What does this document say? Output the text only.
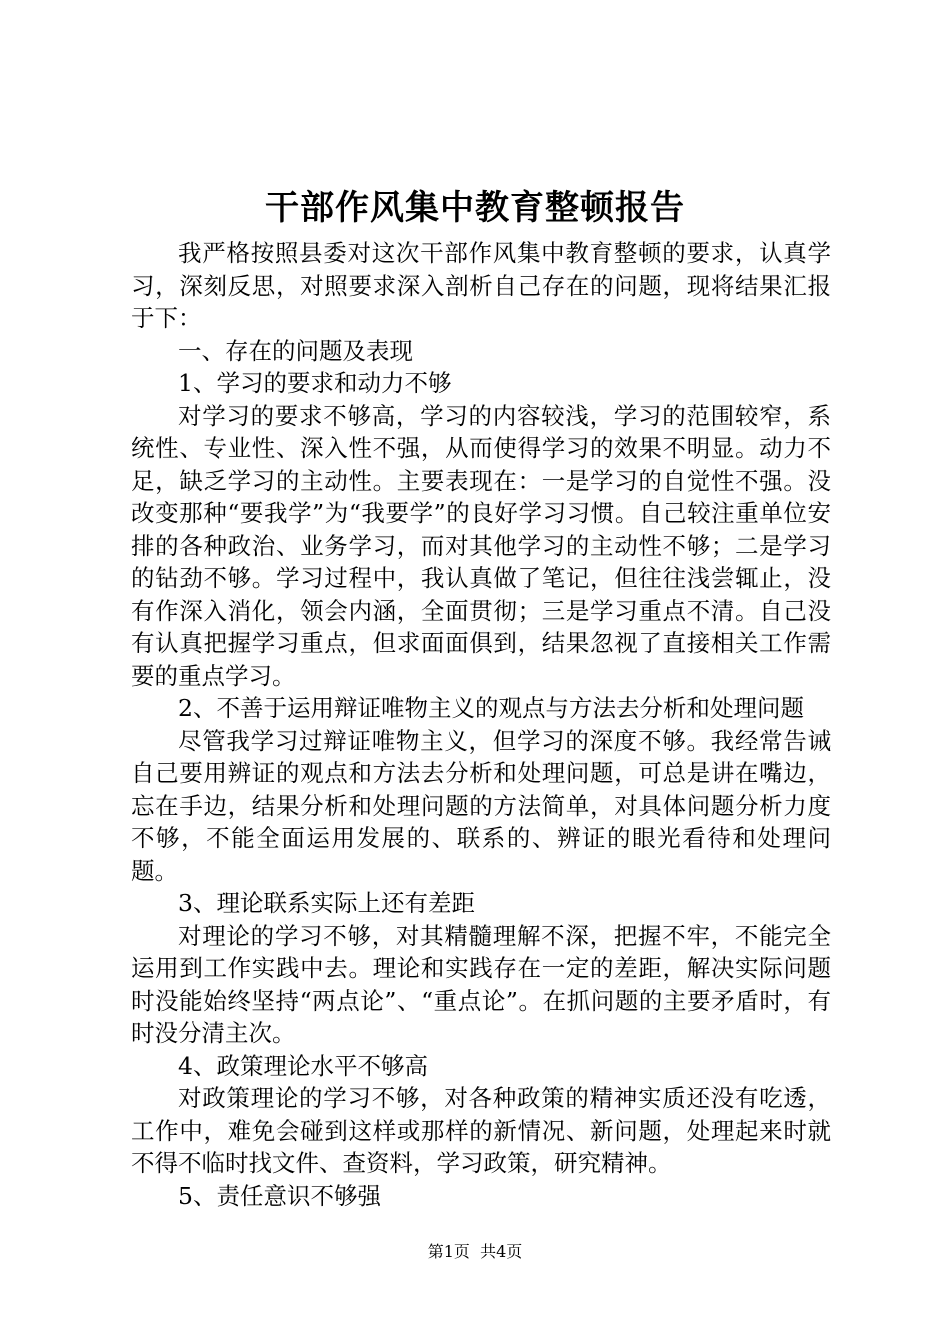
干部作风集中教育整顿报告

我严格按照县委对这次干部作风集中教育整顿的要求，认真学习，深刻反思，对照要求深入剖析自己存在的问题，现将结果汇报于下：

一、存在的问题及表现

1、学习的要求和动力不够

对学习的要求不够高，学习的内容较浅，学习的范围较窄，系统性、专业性、深入性不强，从而使得学习的效果不明显。动力不足，缺乏学习的主动性。主要表现在：一是学习的自觉性不强。没改变那种“要我学”为“我要学”的良好学习习惯。自己较注重单位安排的各种政治、业务学习，而对其他学习的主动性不够；二是学习的钻劲不够。学习过程中，我认真做了笔记，但往往浅尝辄止，没有作深入消化，领会内涵，全面贯彻；三是学习重点不清。自己没有认真把握学习重点，但求面面俱到，结果忽视了直接相关工作需要的重点学习。

2、不善于运用辩证唯物主义的观点与方法去分析和处理问题

尽管我学习过辩证唯物主义，但学习的深度不够。我经常告诫自己要用辨证的观点和方法去分析和处理问题，可总是讲在嘴边，忘在手边，结果分析和处理问题的方法简单，对具体问题分析力度不够，不能全面运用发展的、联系的、辨证的眼光看待和处理问题。

3、理论联系实际上还有差距

对理论的学习不够，对其精髓理解不深，把握不牢，不能完全运用到工作实践中去。理论和实践存在一定的差距，解决实际问题时没能始终坚持“两点论”、“重点论”。在抓问题的主要矛盾时，有时没分清主次。

4、政策理论水平不够高

对政策理论的学习不够，对各种政策的精神实质还没有吃透，工作中，难免会碰到这样或那样的新情况、新问题，处理起来时就不得不临时找文件、查资料，学习政策，研究精神。

5、责任意识不够强

第1页 共4页
